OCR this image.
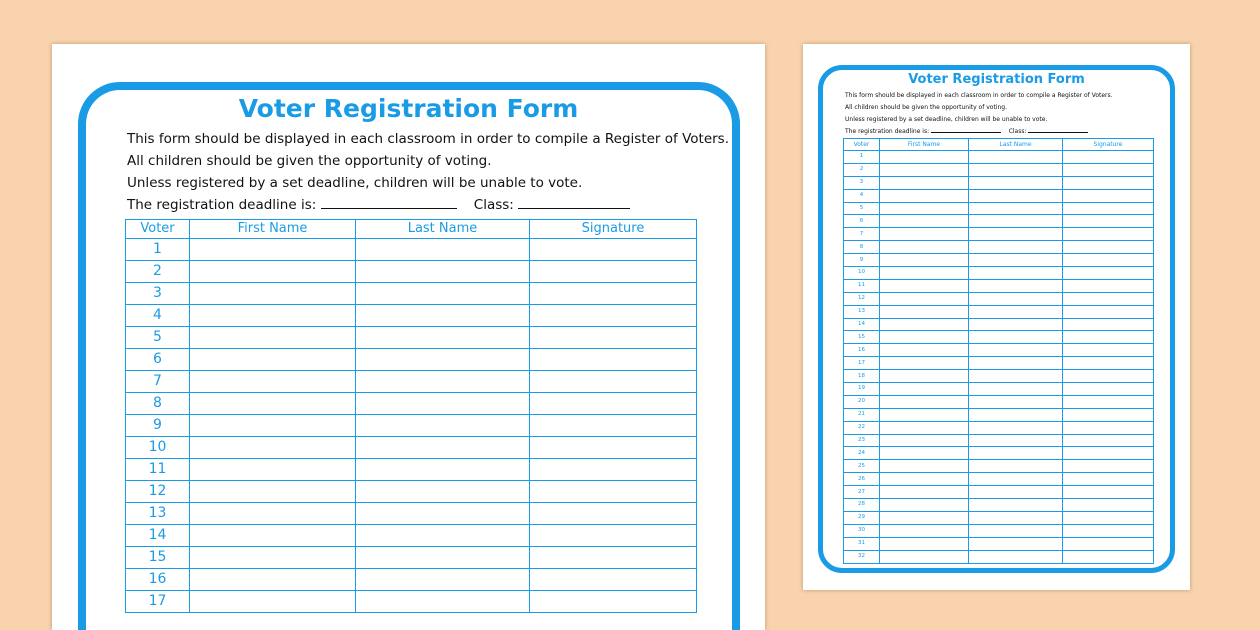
Voter Registration Form
This form should be displayed in each classroom in order to compile a Register of Voters.
All children should be given the opportunity of voting.
Unless registered by a set deadline, children will be unable to vote.
The registration deadline is:	Class:
Voter	First Name	Last Name	Signature
1			
2			
3			
4			
5			
6			
7			
8			
9			
10			
11			
12			
13			
14			
15			
16			
17			
Voter Registration Form
This form should be displayed in each classroom in order to compile a Register of Voters.
All children should be given the opportunity of voting.
Unless registered by a set deadline, children will be unable to vote.
The registration deadline is:	Class:
Voter	First Name	Last Name	Signature
1			
2			
3			
4			
5			
6			
7			
8			
9			
10			
11			
12			
13			
14			
15			
16			
17			
18			
19			
20			
21			
22			
23			
24			
25			
26			
27			
28			
29			
30			
31			
32			
